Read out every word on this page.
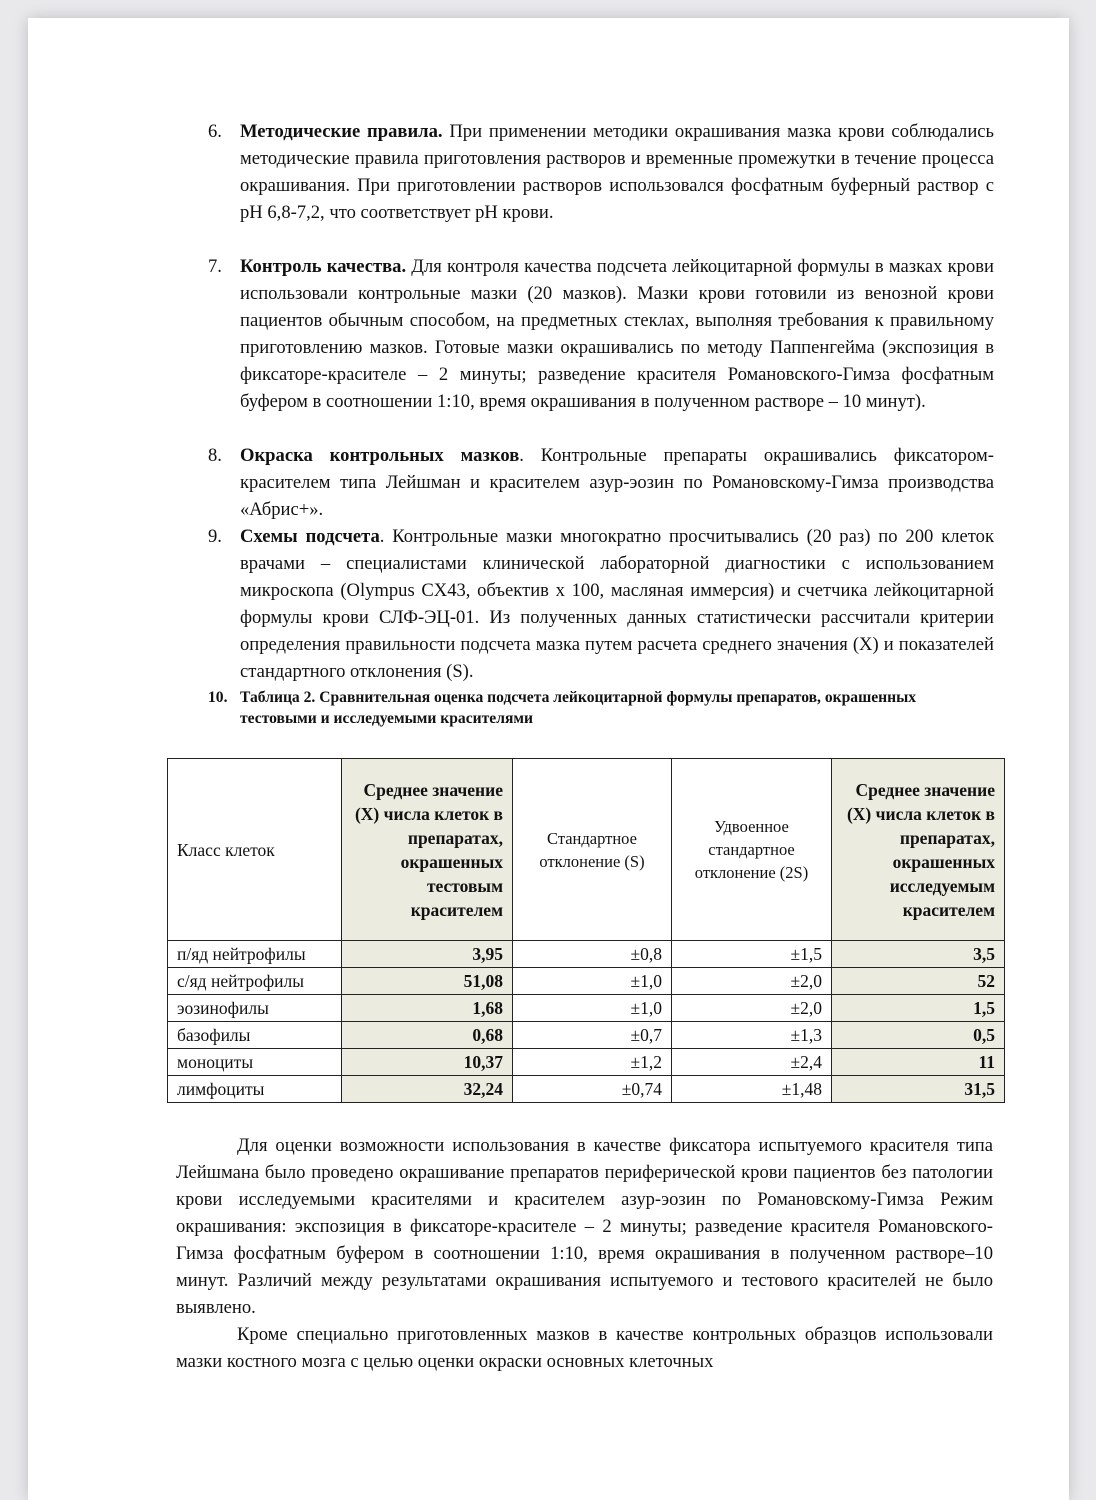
6. Методические правила. При применении методики окрашивания мазка крови соблюдались методические правила приготовления растворов и временные промежутки в течение процесса окрашивания. При приготовлении растворов использовался фосфатным буферный раствор с рН 6,8-7,2, что соответствует рН крови.
7. Контроль качества. Для контроля качества подсчета лейкоцитарной формулы в мазках крови использовали контрольные мазки (20 мазков). Мазки крови готовили из венозной крови пациентов обычным способом, на предметных стеклах, выполняя требования к правильному приготовлению мазков. Готовые мазки окрашивались по методу Паппенгейма (экспозиция в фиксаторе-красителе – 2 минуты; разведение красителя Романовского-Гимза фосфатным буфером в соотношении 1:10, время окрашивания в полученном растворе – 10 минут).
8. Окраска контрольных мазков. Контрольные препараты окрашивались фиксатором-красителем типа Лейшман и красителем азур-эозин по Романовскому-Гимза производства «Абрис+».
9. Схемы подсчета. Контрольные мазки многократно просчитывались (20 раз) по 200 клеток врачами – специалистами клинической лабораторной диагностики с использованием микроскопа (Olympus CX43, объектив х 100, масляная иммерсия) и счетчика лейкоцитарной формулы крови СЛФ-ЭЦ-01. Из полученных данных статистически рассчитали критерии определения правильности подсчета мазка путем расчета среднего значения (Х) и показателей стандартного отклонения (S).
10. Таблица 2. Сравнительная оценка подсчета лейкоцитарной формулы препаратов, окрашенных тестовыми и исследуемыми красителями
Класс клеток	Среднее значение (Х) числа клеток в препаратах, окрашенных тестовым красителем	Стандартное отклонение (S)	Удвоенное стандартное отклонение (2S)	Среднее значение (Х) числа клеток в препаратах, окрашенных исследуемым красителем
п/яд нейтрофилы	3,95	±0,8	±1,5	3,5
с/яд нейтрофилы	51,08	±1,0	±2,0	52
эозинофилы	1,68	±1,0	±2,0	1,5
базофилы	0,68	±0,7	±1,3	0,5
моноциты	10,37	±1,2	±2,4	11
лимфоциты	32,24	±0,74	±1,48	31,5

Для оценки возможности использования в качестве фиксатора испытуемого красителя типа Лейшмана было проведено окрашивание препаратов периферической крови пациентов без патологии крови исследуемыми красителями и красителем азур-эозин по Романовскому-Гимза Режим окрашивания: экспозиция в фиксаторе-красителе – 2 минуты; разведение красителя Романовского-Гимза фосфатным буфером в соотношении 1:10, время окрашивания в полученном растворе–10 минут. Различий между результатами окрашивания испытуемого и тестового красителей не было выявлено.

Кроме специально приготовленных мазков в качестве контрольных образцов использовали мазки костного мозга с целью оценки окраски основных клеточных
